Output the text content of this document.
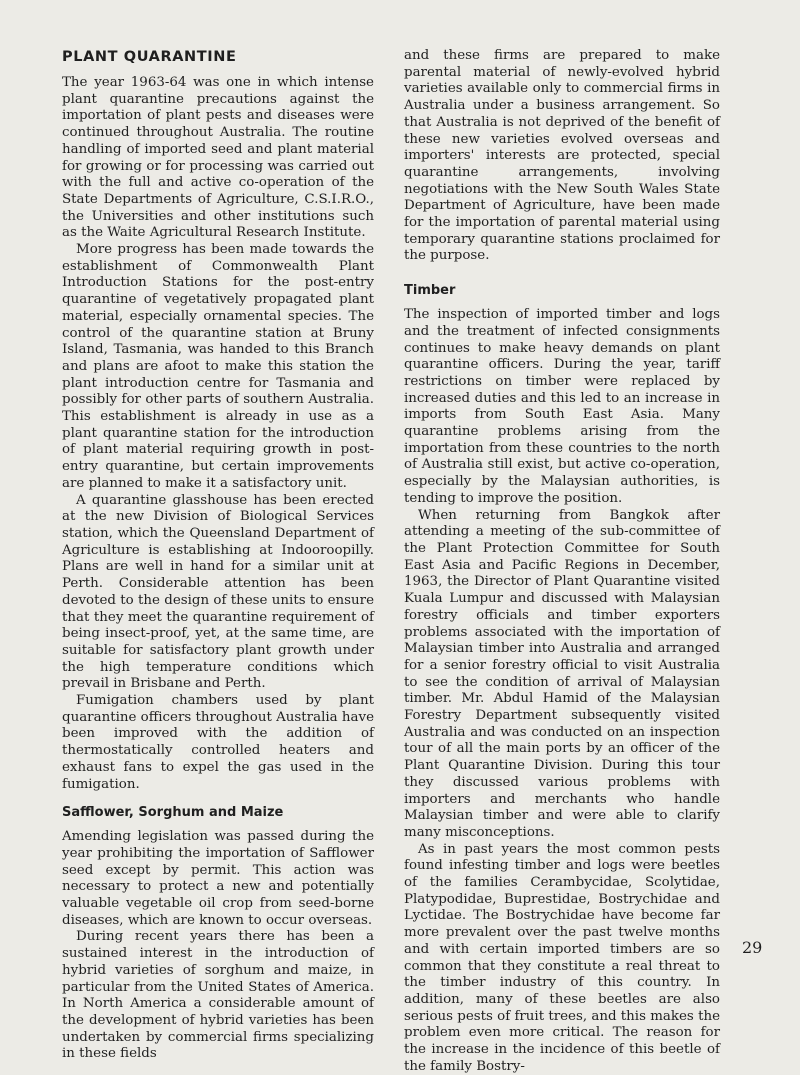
PLANT QUARANTINE

The year 1963-64 was one in which intense plant quarantine precautions against the importation of plant pests and diseases were continued throughout Australia. The routine handling of imported seed and plant material for growing or for processing was carried out with the full and active co-operation of the State Departments of Agriculture, C.S.I.R.O., the Universities and other institutions such as the Waite Agricultural Research Institute.

More progress has been made towards the establishment of Commonwealth Plant Introduction Stations for the post-entry quarantine of vegetatively propagated plant material, especially ornamental species. The control of the quarantine station at Bruny Island, Tasmania, was handed to this Branch and plans are afoot to make this station the plant introduction centre for Tasmania and possibly for other parts of southern Australia. This establishment is already in use as a plant quarantine station for the introduction of plant material requiring growth in post-entry quarantine, but certain improvements are planned to make it a satisfactory unit.

A quarantine glasshouse has been erected at the new Division of Biological Services station, which the Queensland Department of Agriculture is establishing at Indooroopilly. Plans are well in hand for a similar unit at Perth. Considerable attention has been devoted to the design of these units to ensure that they meet the quarantine requirement of being insect-proof, yet, at the same time, are suitable for satisfactory plant growth under the high temperature conditions which prevail in Brisbane and Perth.

Fumigation chambers used by plant quarantine officers throughout Australia have been improved with the addition of thermostatically controlled heaters and exhaust fans to expel the gas used in the fumigation.

Safflower, Sorghum and Maize

Amending legislation was passed during the year prohibiting the importation of Safflower seed except by permit. This action was necessary to protect a new and potentially valuable vegetable oil crop from seed-borne diseases, which are known to occur overseas.

During recent years there has been a sustained interest in the introduction of hybrid varieties of sorghum and maize, in particular from the United States of America. In North America a considerable amount of the development of hybrid varieties has been undertaken by commercial firms specializing in these fields

and these firms are prepared to make parental material of newly-evolved hybrid varieties available only to commercial firms in Australia under a business arrangement. So that Australia is not deprived of the benefit of these new varieties evolved overseas and importers' interests are protected, special quarantine arrangements, involving negotiations with the New South Wales State Department of Agriculture, have been made for the importation of parental material using temporary quarantine stations proclaimed for the purpose.

Timber

The inspection of imported timber and logs and the treatment of infected consignments continues to make heavy demands on plant quarantine officers. During the year, tariff restrictions on timber were replaced by increased duties and this led to an increase in imports from South East Asia. Many quarantine problems arising from the importation from these countries to the north of Australia still exist, but active co-operation, especially by the Malaysian authorities, is tending to improve the position.

When returning from Bangkok after attending a meeting of the sub-committee of the Plant Protection Committee for South East Asia and Pacific Regions in December, 1963, the Director of Plant Quarantine visited Kuala Lumpur and discussed with Malaysian forestry officials and timber exporters problems associated with the importation of Malaysian timber into Australia and arranged for a senior forestry official to visit Australia to see the condition of arrival of Malaysian timber. Mr. Abdul Hamid of the Malaysian Forestry Department subsequently visited Australia and was conducted on an inspection tour of all the main ports by an officer of the Plant Quarantine Division. During this tour they discussed various problems with importers and merchants who handle Malaysian timber and were able to clarify many misconceptions.

As in past years the most common pests found infesting timber and logs were beetles of the families Cerambycidae, Scolytidae, Platypodidae, Buprestidae, Bostrychidae and Lyctidae. The Bostrychidae have become far more prevalent over the past twelve months and with certain imported timbers are so common that they constitute a real threat to the timber industry of this country. In addition, many of these beetles are also serious pests of fruit trees, and this makes the problem even more critical. The reason for the increase in the incidence of this beetle of the family Bostry-

29
